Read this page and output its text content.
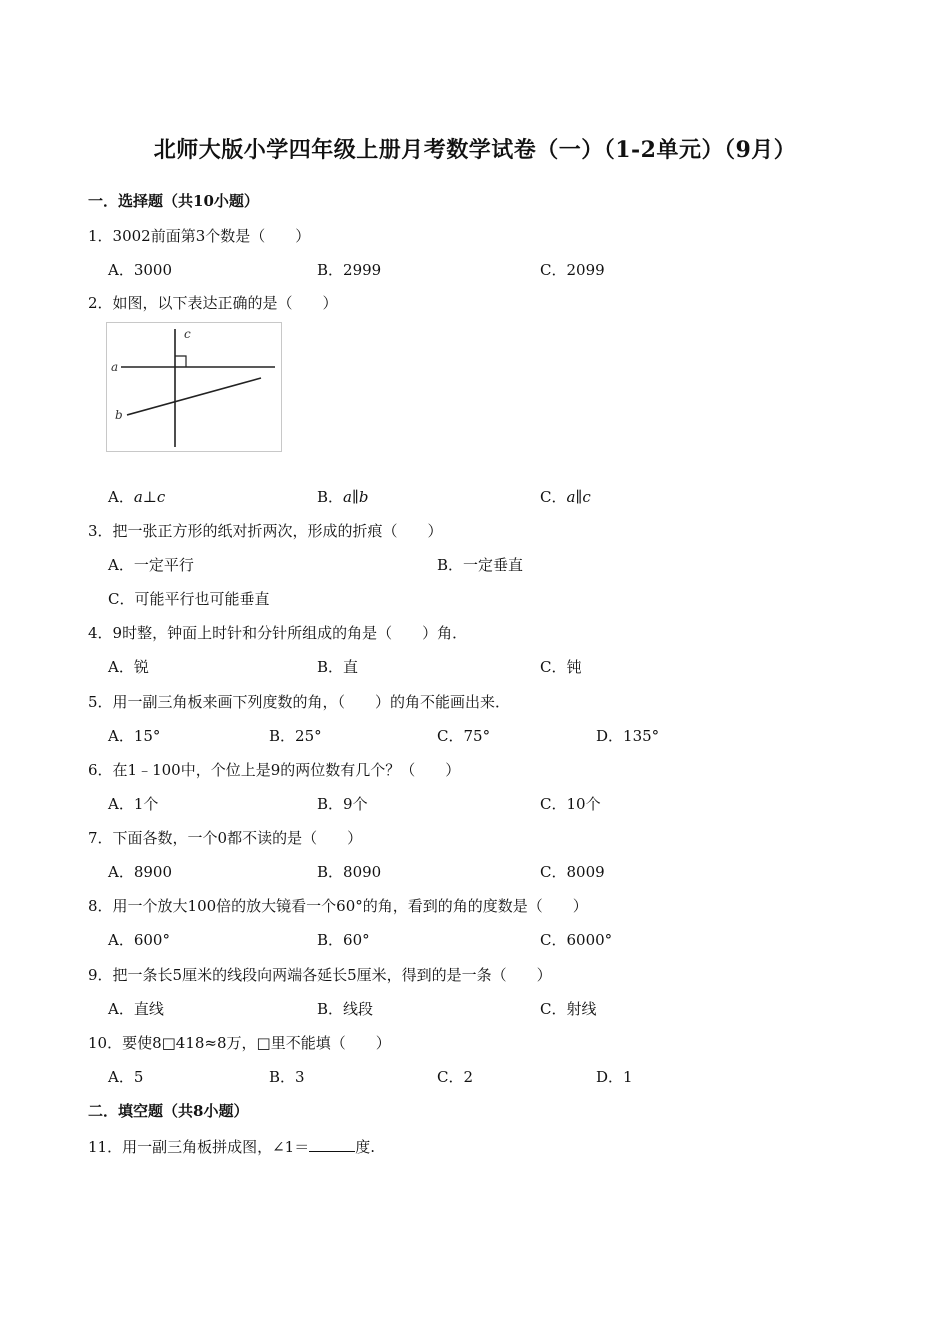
北师大版小学四年级上册月考数学试卷（一）（1-2单元）（9月）
一．选择题（共10小题）
1．3002前面第3个数是（　　）
A．3000	B．2999	C．2099
2．如图，以下表达正确的是（　　）
a
b
c
A．a⊥c	B．a∥b	C．a∥c
3．把一张正方形的纸对折两次，形成的折痕（　　）
A．一定平行	B．一定垂直
C．可能平行也可能垂直
4．9时整，钟面上时针和分针所组成的角是（　　）角．
A．锐	B．直	C．钝
5．用一副三角板来画下列度数的角，（　　）的角不能画出来．
A．15°	B．25°	C．75°	D．135°
6．在1﹣100中，个位上是9的两位数有几个？（　　）
A．1个	B．9个	C．10个
7．下面各数，一个0都不读的是（　　）
A．8900	B．8090	C．8009
8．用一个放大100倍的放大镜看一个60°的角，看到的角的度数是（　　）
A．600°	B．60°	C．6000°
9．把一条长5厘米的线段向两端各延长5厘米，得到的是一条（　　）
A．直线	B．线段	C．射线
10．要使8□418≈8万，□里不能填（　　）
A．5	B．3	C．2	D．1
二．填空题（共8小题）
11．用一副三角板拼成图，∠1＝	度.
